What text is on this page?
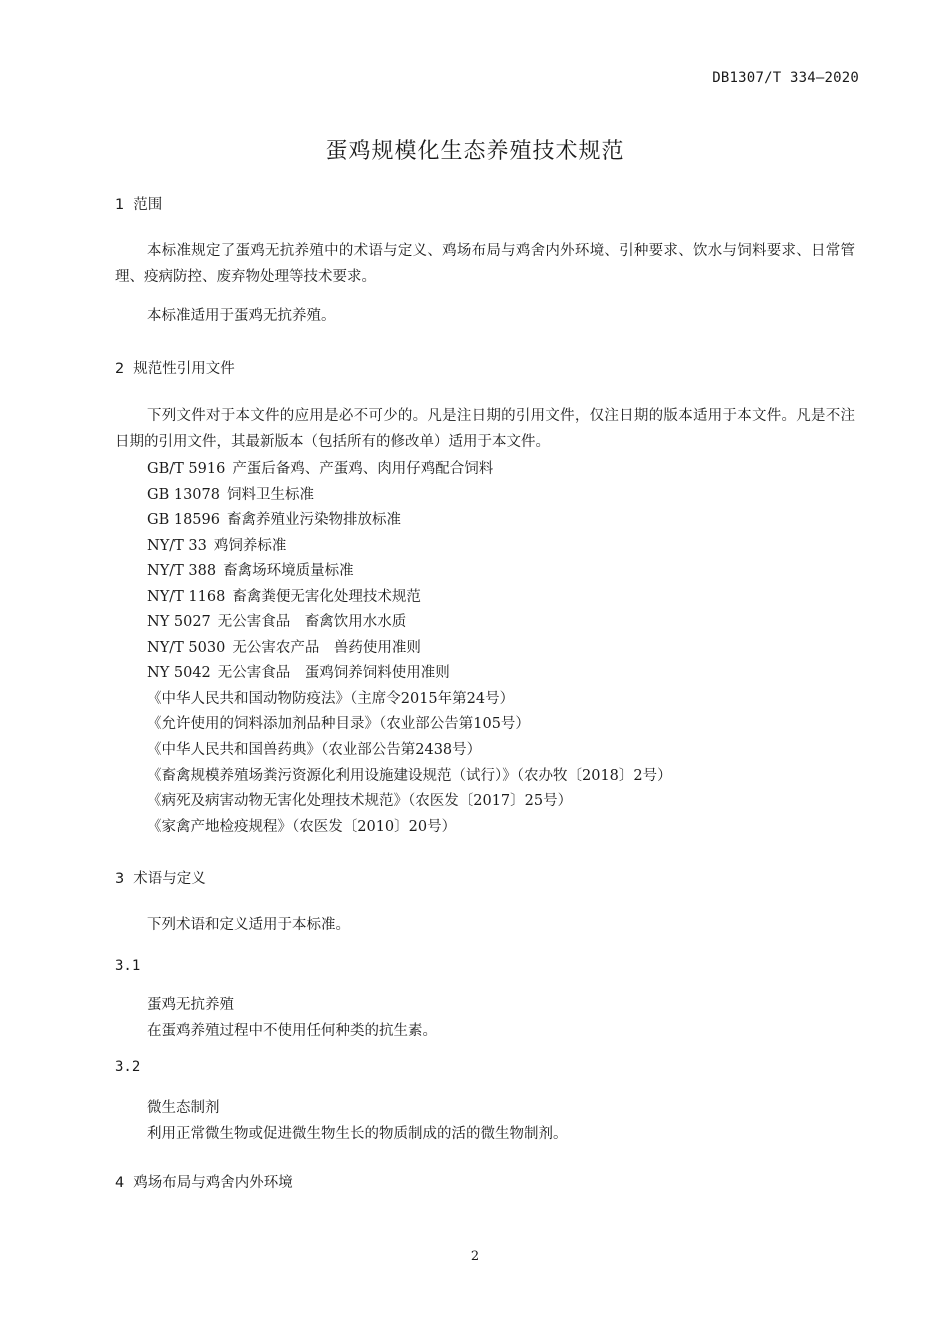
DB1307/T 334—2020
蛋鸡规模化生态养殖技术规范
1 范围
本标准规定了蛋鸡无抗养殖中的术语与定义、鸡场布局与鸡舍内外环境、引种要求、饮水与饲料要求、日常管理、疫病防控、废弃物处理等技术要求。
本标准适用于蛋鸡无抗养殖。
2 规范性引用文件
下列文件对于本文件的应用是必不可少的。凡是注日期的引用文件，仅注日期的版本适用于本文件。凡是不注日期的引用文件，其最新版本（包括所有的修改单）适用于本文件。
GB/T 5916 产蛋后备鸡、产蛋鸡、肉用仔鸡配合饲料
GB 13078 饲料卫生标准
GB 18596 畜禽养殖业污染物排放标准
NY/T 33 鸡饲养标准
NY/T 388 畜禽场环境质量标准
NY/T 1168 畜禽粪便无害化处理技术规范
NY 5027 无公害食品　畜禽饮用水水质
NY/T 5030 无公害农产品　兽药使用准则
NY 5042 无公害食品　蛋鸡饲养饲料使用准则
《中华人民共和国动物防疫法》（主席令2015年第24号）
《允许使用的饲料添加剂品种目录》（农业部公告第105号）
《中华人民共和国兽药典》（农业部公告第2438号）
《畜禽规模养殖场粪污资源化利用设施建设规范（试行）》（农办牧〔2018〕2号）
《病死及病害动物无害化处理技术规范》（农医发〔2017〕25号）
《家禽产地检疫规程》（农医发〔2010〕20号）
3 术语与定义
下列术语和定义适用于本标准。
3.1
蛋鸡无抗养殖
在蛋鸡养殖过程中不使用任何种类的抗生素。
3.2
微生态制剂
利用正常微生物或促进微生物生长的物质制成的活的微生物制剂。
4 鸡场布局与鸡舍内外环境
2
